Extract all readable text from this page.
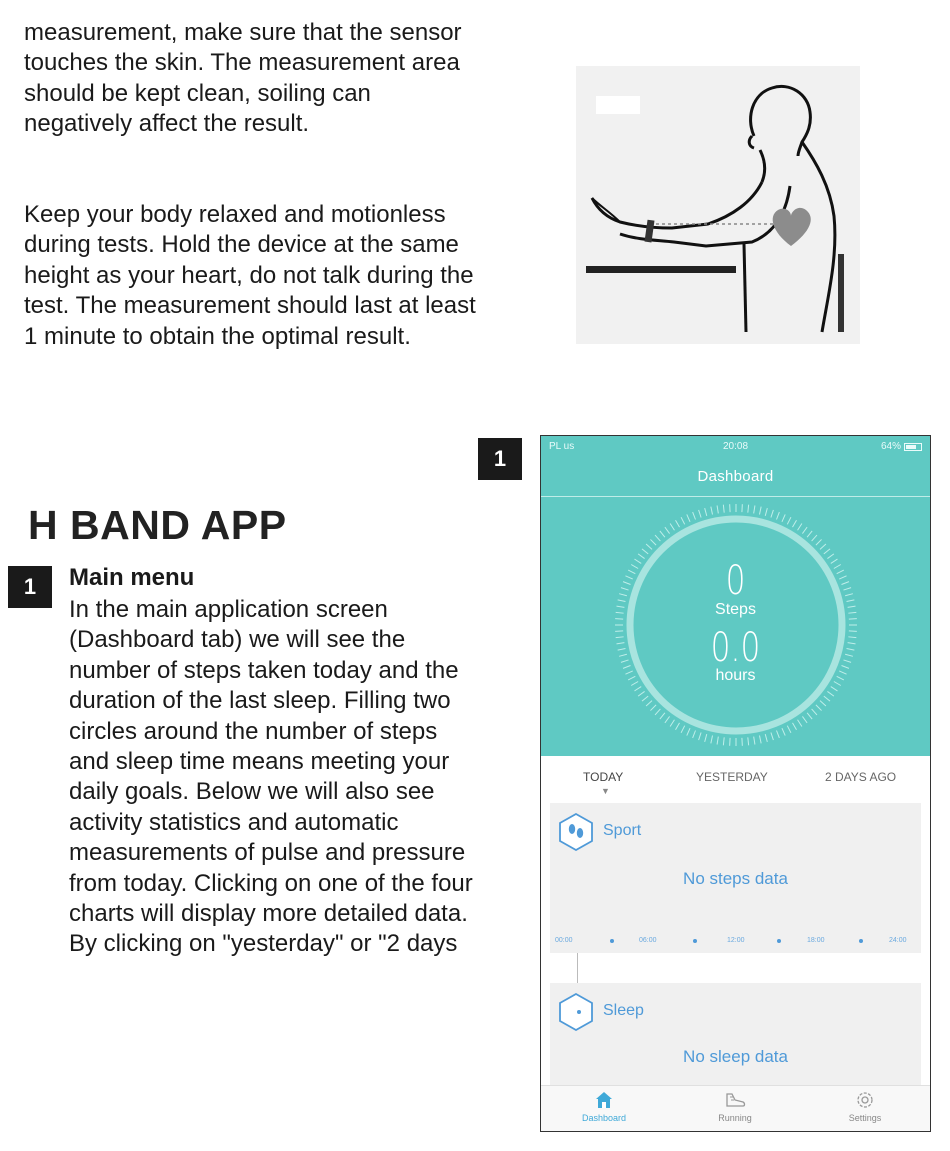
measurement, make sure that the sensor touches the skin. The measurement area should be kept clean, soiling can negatively affect the result.
Keep your body relaxed and motionless during tests. Hold the device at the same height as your heart, do not talk during the test. The measurement should last at least 1 minute to obtain the optimal result.
1
H BAND APP
1	Main menu
In the main application screen (Dashboard tab) we will see the number of steps taken today and the duration of the last sleep. Filling two circles around the number of steps and sleep time means meeting your daily goals. Below we will also see activity statistics and automatic measurements of pulse and pressure from today. Clicking on one of the four charts will display more detailed data. By clicking on "yesterday" or "2 days
PL us	20:08	64%
Dashboard
0
Steps
0.0
hours
TODAY
▼
YESTERDAY	2 DAYS AGO
Sport
No steps data
00:00	06:00	12:00	18:00	24:00
Sleep
No sleep data
Dashboard	Running	Settings
